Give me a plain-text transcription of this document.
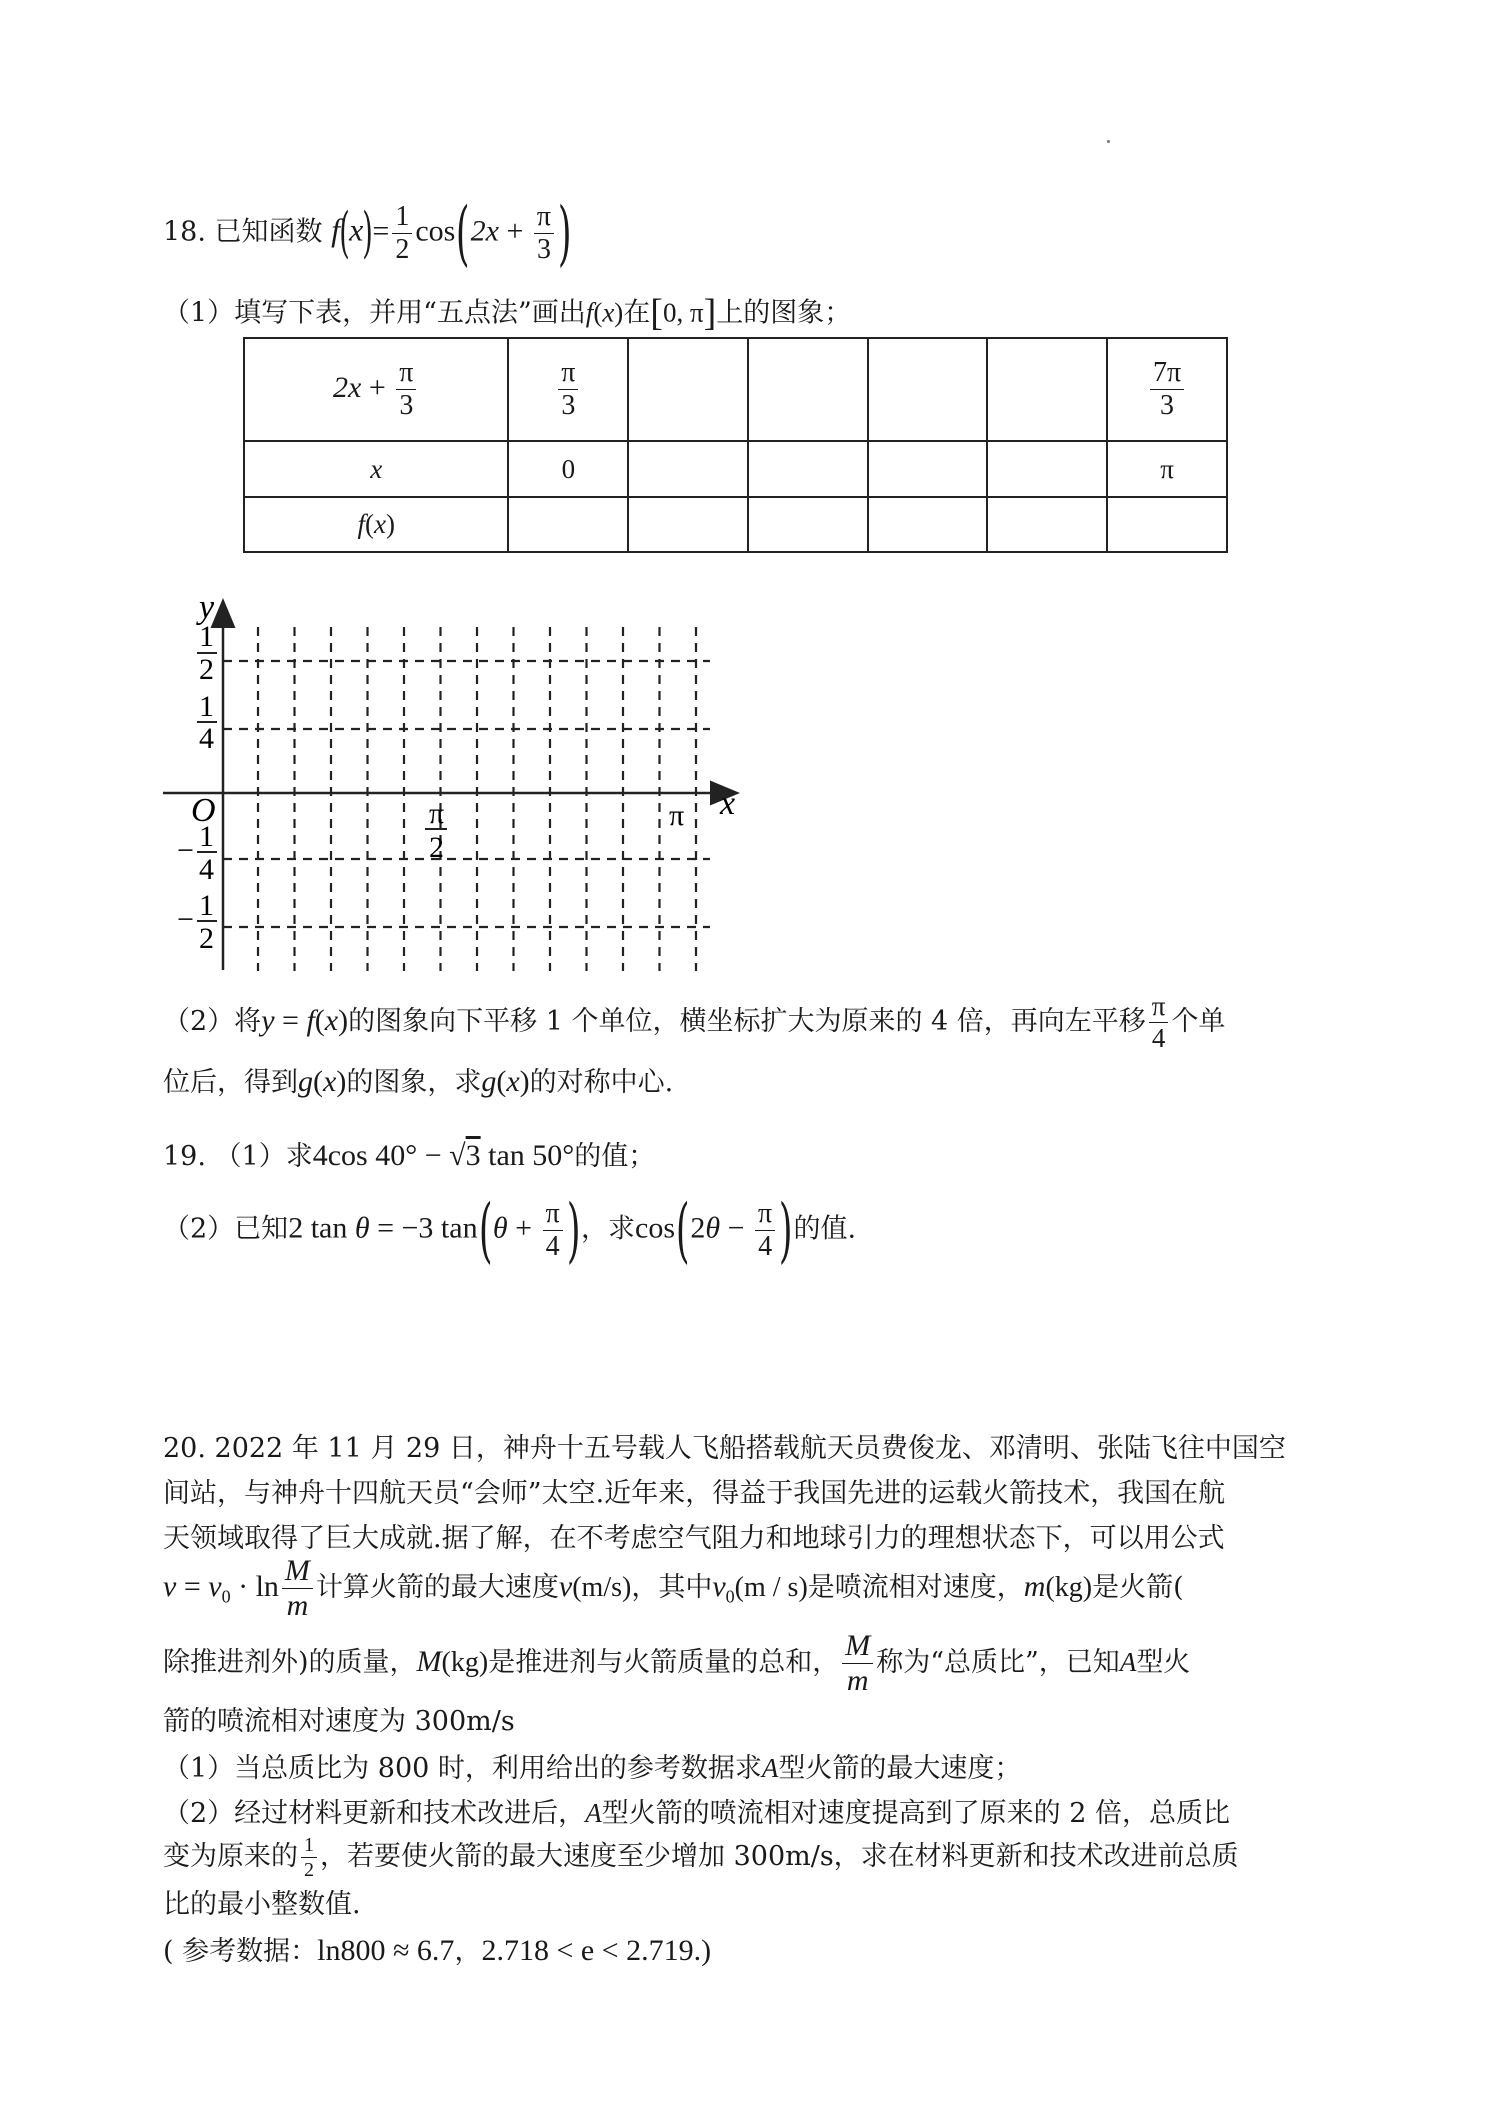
18. 已知函数 $f(x)= \frac{1}{2} \cos(2x + \frac{\pi}{3}$ )
（1）填写下表，并用“五点法”画出f(x)在[0, π]上的图象；
$2x + \frac{\pi}{3}$	$\frac{\pi}{3}$					$\frac{7\pi}{3}$

x	0					π
f(x)						
y
x
O
1
2
1
4
− 1
4
− 1
2
π
2
π
（2）将y = f(x)的图象向下平移 1 个单位，横坐标扩大为原来的 4 倍，再向左平移 $\frac{\pi}{4}$ 个单
位后，得到g(x)的图象，求g(x)的对称中心.
19. （1）求4cos 40° − √3 tan 50°的值；
（2）已知2 tan θ = −3 $\tan(\theta + \frac{\pi}{4}$ )，求$\cos(2\theta - \frac{\pi}{4}$ )的值.
20. 2022 年 11 月 29 日，神舟十五号载人飞船搭载航天员费俊龙、邓清明、张陆飞往中国空
间站，与神舟十四航天员“会师”太空.近年来，得益于我国先进的运载火箭技术，我国在航
天领域取得了巨大成就.据了解，在不考虑空气阻力和地球引力的理想状态下，可以用公式
$v = v_0 \cdot \ln \frac{M}{m}$ 计算火箭的最大速度v(m/s)，其中$v_0(m / s)$是喷流相对速度，m(kg)是火箭(
除推进剂外)的质量，M(kg)是推进剂与火箭质量的总和， $\frac{M}{m}$ 称为“总质比”，已知A型火
箭的喷流相对速度为 300m/s
（1）当总质比为 800 时，利用给出的参考数据求A型火箭的最大速度；
（2）经过材料更新和技术改进后，A型火箭的喷流相对速度提高到了原来的 2 倍，总质比
变为原来的 $\frac{1}{2}$ ，若要使火箭的最大速度至少增加 300m/s，求在材料更新和技术改进前总质
比的最小整数值.
( 参考数据：ln800 ≈ 6.7，2.718 < e < 2.719.)
